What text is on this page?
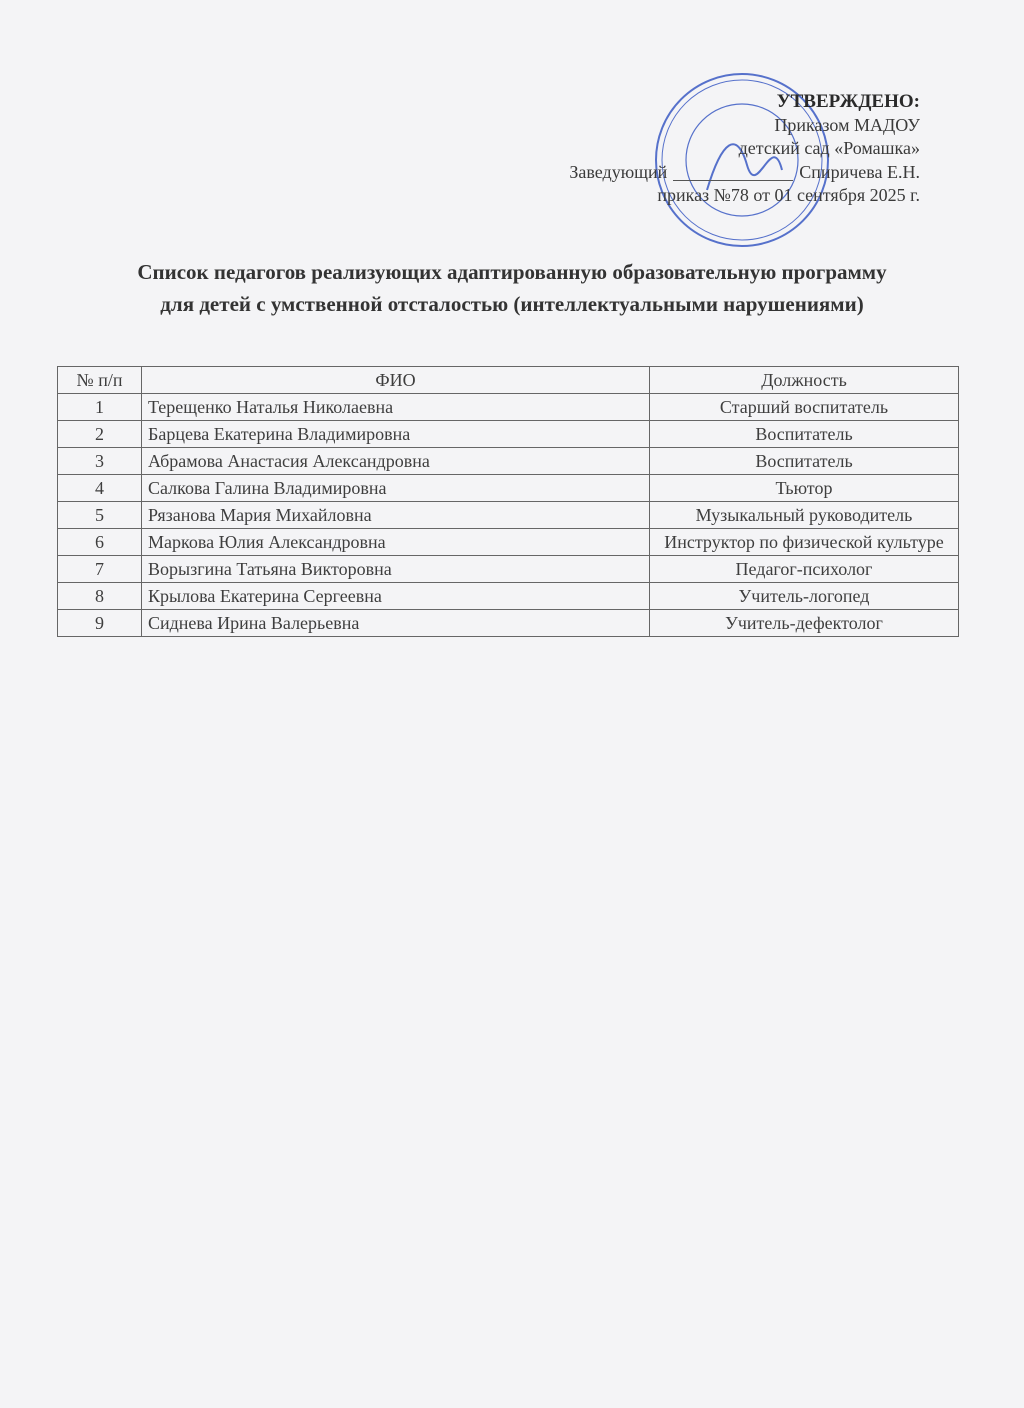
УТВЕРЖДЕНО:
Приказом МАДОУ
детский сад «Ромашка»
Заведующий	Спиричева Е.Н.
приказ №78 от 01 сентября 2025 г.
Список педагогов реализующих адаптированную образовательную программу для детей с умственной отсталостью (интеллектуальными нарушениями)
№ п/п	ФИО	Должность
1	Терещенко Наталья Николаевна	Старший воспитатель
2	Барцева Екатерина Владимировна	Воспитатель
3	Абрамова Анастасия Александровна	Воспитатель
4	Салкова Галина Владимировна	Тьютор
5	Рязанова Мария Михайловна	Музыкальный руководитель
6	Маркова Юлия Александровна	Инструктор по физической культуре
7	Ворызгина Татьяна Викторовна	Педагог-психолог
8	Крылова Екатерина Сергеевна	Учитель-логопед
9	Сиднева Ирина Валерьевна	Учитель-дефектолог
